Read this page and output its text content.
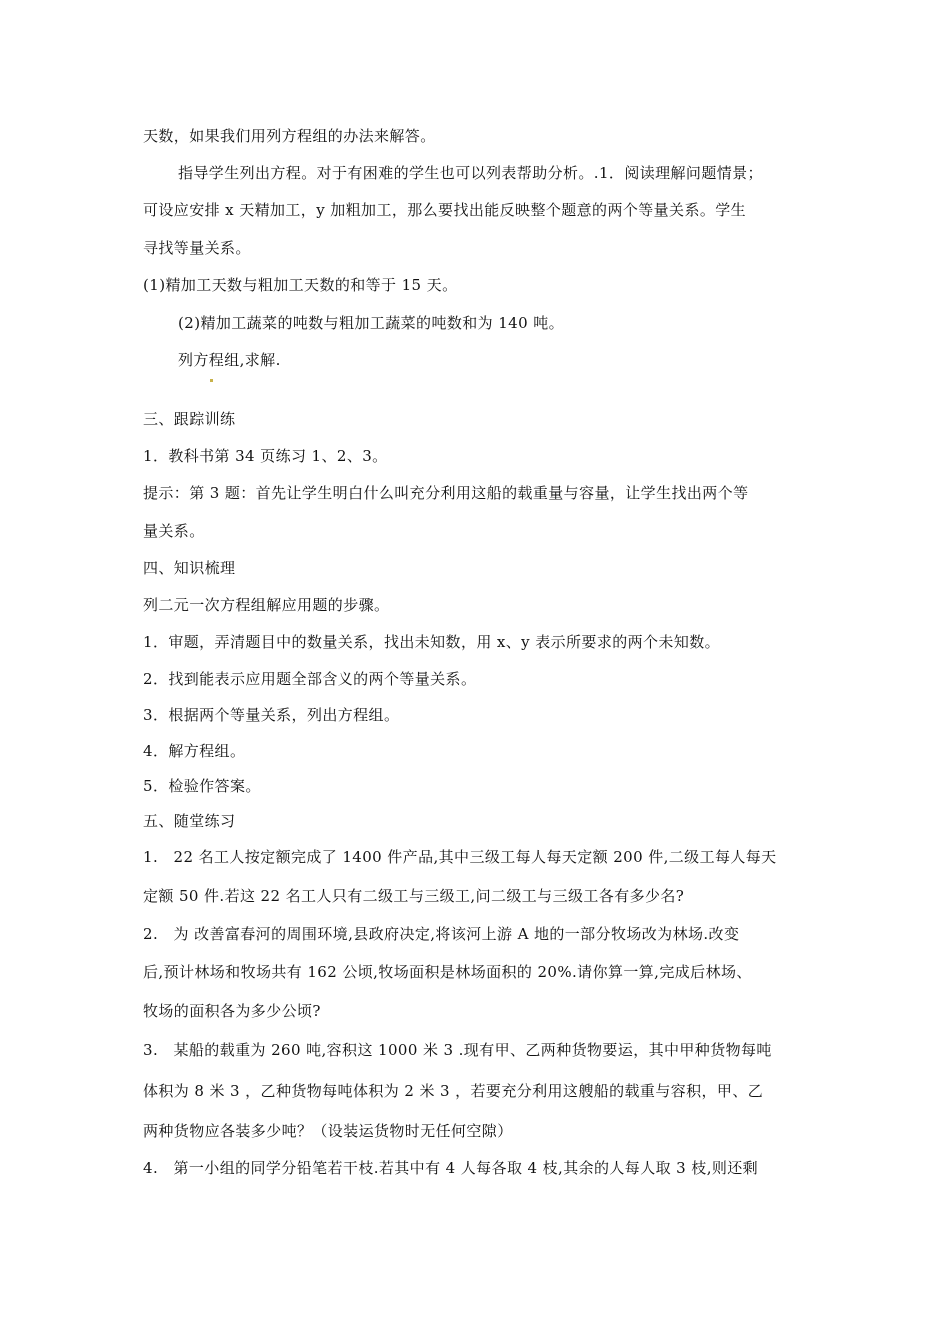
天数，如果我们用列方程组的办法来解答。
指导学生列出方程。对于有困难的学生也可以列表帮助分析。.1．阅读理解问题情景；
可设应安排 x 天精加工，y 加粗加工，那么要找出能反映整个题意的两个等量关系。学生
寻找等量关系。
(1)精加工天数与粗加工天数的和等于 15 天。
(2)精加工蔬菜的吨数与粗加工蔬菜的吨数和为 140 吨。
列方程组,求解.
三、跟踪训练
1．教科书第 34 页练习 1、2、3。
提示：第 3 题：首先让学生明白什么叫充分利用这船的载重量与容量，让学生找出两个等
量关系。
四、知识梳理
列二元一次方程组解应用题的步骤。
1．审题，弄清题目中的数量关系，找出未知数，用 x、y 表示所要求的两个未知数。
2．找到能表示应用题全部含义的两个等量关系。
3．根据两个等量关系，列出方程组。
4．解方程组。
5．检验作答案。
五、随堂练习
1.　22 名工人按定额完成了 1400 件产品,其中三级工每人每天定额 200 件,二级工每人每天
定额 50 件.若这 22 名工人只有二级工与三级工,问二级工与三级工各有多少名?
2.　为 改善富春河的周围环境,县政府决定,将该河上游 A 地的一部分牧场改为林场.改变
后,预计林场和牧场共有 162 公顷,牧场面积是林场面积的 20%.请你算一算,完成后林场、
牧场的面积各为多少公顷?
3.　某船的载重为 260 吨,容积这 1000 米 3 .现有甲、乙两种货物要运，其中甲种货物每吨
体积为 8 米 3 ，乙种货物每吨体积为 2 米 3 ，若要充分利用这艘船的载重与容积，甲、乙
两种货物应各装多少吨？（设装运货物时无任何空隙）
4.　第一小组的同学分铅笔若干枝.若其中有 4 人每各取 4 枝,其余的人每人取 3 枝,则还剩
